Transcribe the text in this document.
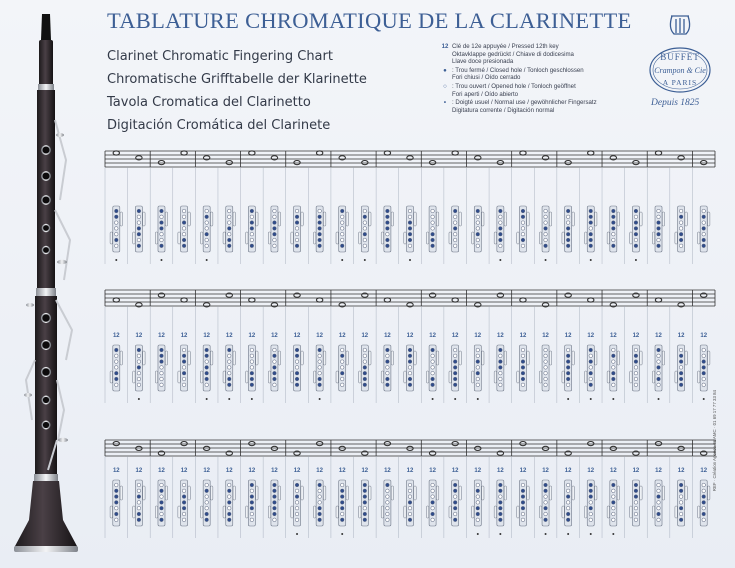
TABLATURE CHROMATIQUE DE LA CLARINETTE
Clarinet Chromatic Fingering Chart
Chromatische Grifftabelle der Klarinette
Tavola Cromatica del Clarinetto
Digitación Cromática del Clarinete
12 Clé de 12e appuyée / Pressed 12th key
Oktavklappe gedrückt / Chiave di dodicesima
Llave doce presionada
● : Trou fermé / Closed hole / Tonloch geschlossen
Fori chiusi / Oído cerrado
○ : Trou ouvert / Opened hole / Tonloch geöffnet
Fori aperti / Oído abierto
• : Doigté usuel / Normal use / gewöhnlicher Fingersatz
Digitatura corrente / Digitación normal
BUFFET
Crampon & Cie
A PARIS
Depuis 1825
12	12	12	12	12	12	12	12	12	12	12	12	12	12	12	12	12	12	12	12	12	12	12	12	12	12	12
12	12	12	12	12	12	12	12	12	12	12	12	12	12	12	12	12	12	12	12	12	12	12	12	12	12	12 REF · Création Agence TCAMC · 01 69 17 77 33 84
